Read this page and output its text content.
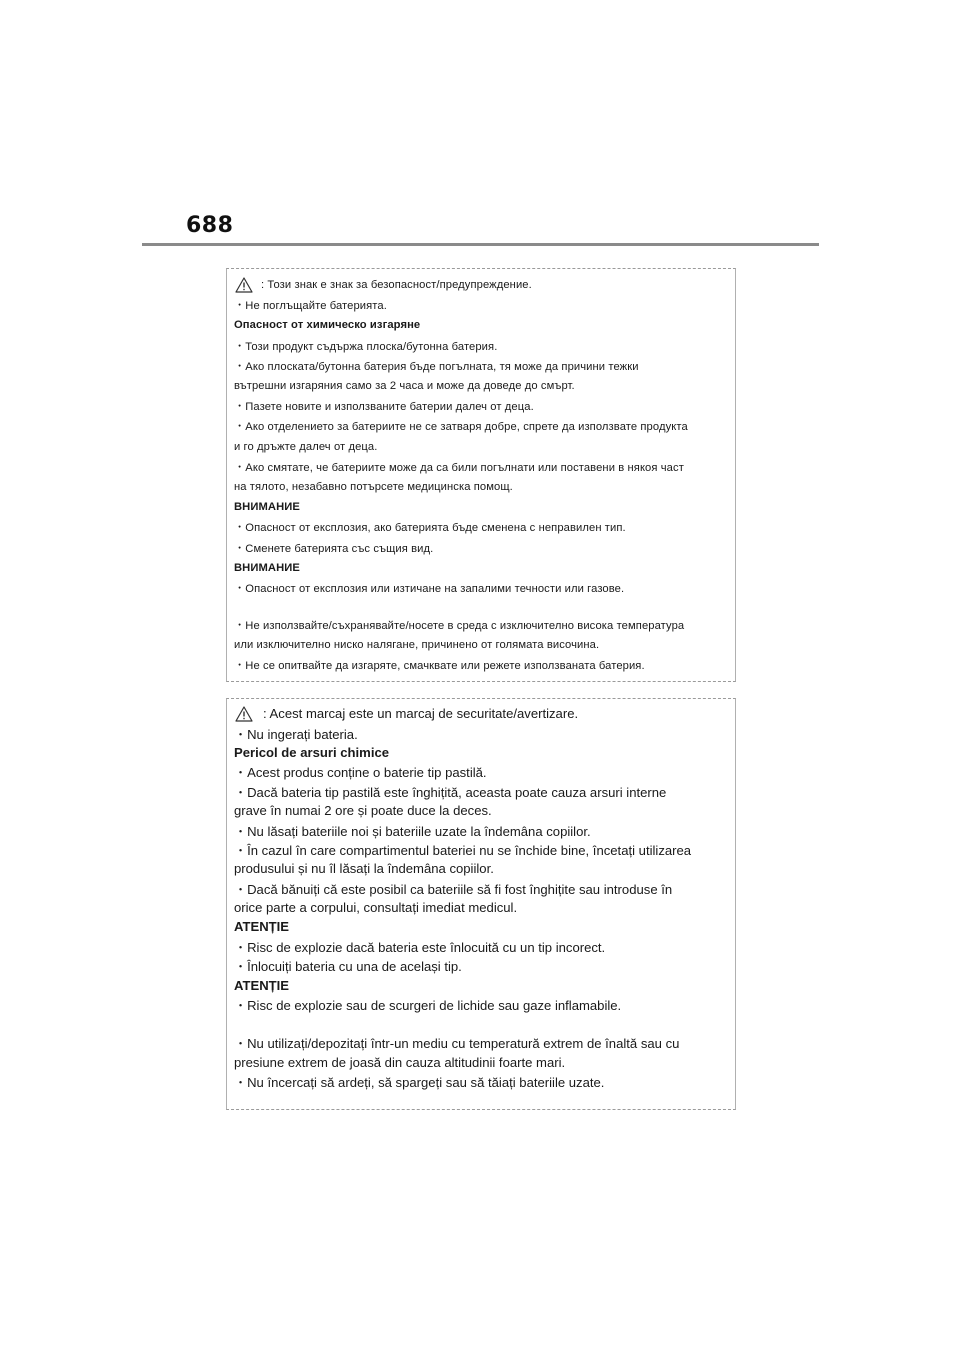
688
: Този знак е знак за безопасност/предупреждение.
・Не поглъщайте батерията.
Опасност от химическо изгаряне
・Този продукт съдържа плоска/бутонна батерия.
・Ако плоската/бутонна батерия бъде погълната, тя може да причини тежки
вътрешни изгаряния само за 2 часа и може да доведе до смърт.
・Пазете новите и използваните батерии далеч от деца.
・Ако отделението за батериите не се затваря добре, спрете да използвате продукта
и го дръжте далеч от деца.
・Ако смятате, че батериите може да са били погълнати или поставени в някоя част
на тялото, незабавно потърсете медицинска помощ.
ВНИМАНИЕ
・Опасност от експлозия, ако батерията бъде сменена с неправилен тип.
・Сменете батерията със същия вид.
ВНИМАНИЕ
・Опасност от експлозия или изтичане на запалими течности или газове.
・Не използвайте/съхранявайте/носете в среда с изключително висока температура
или изключително ниско налягане, причинено от голямата височина.
・Не се опитвайте да изгаряте, смачквате или режете използваната батерия.
: Acest marcaj este un marcaj de securitate/avertizare.
・Nu ingerați bateria.
Pericol de arsuri chimice
・Acest produs conține o baterie tip pastilă.
・Dacă bateria tip pastilă este înghițită, aceasta poate cauza arsuri interne
grave în numai 2 ore și poate duce la deces.
・Nu lăsați bateriile noi și bateriile uzate la îndemâna copiilor.
・În cazul în care compartimentul bateriei nu se închide bine, încetați utilizarea
produsului și nu îl lăsați la îndemâna copiilor.
・Dacă bănuiți că este posibil ca bateriile să fi fost înghițite sau introduse în
orice parte a corpului, consultați imediat medicul.
ATENȚIE
・Risc de explozie dacă bateria este înlocuită cu un tip incorect.
・Înlocuiți bateria cu una de același tip.
ATENȚIE
・Risc de explozie sau de scurgeri de lichide sau gaze inflamabile.
・Nu utilizați/depozitați într-un mediu cu temperatură extrem de înaltă sau cu
presiune extrem de joasă din cauza altitudinii foarte mari.
・Nu încercați să ardeți, să spargeți sau să tăiați bateriile uzate.
